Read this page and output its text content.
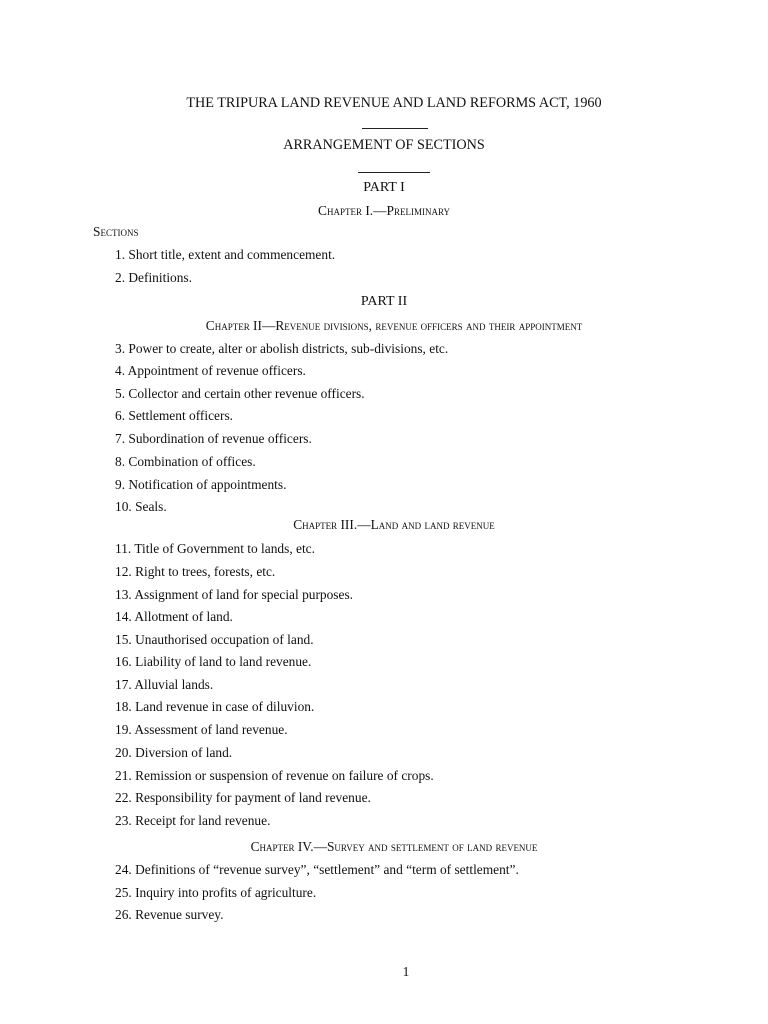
THE TRIPURA LAND REVENUE AND LAND REFORMS ACT, 1960
ARRANGEMENT OF SECTIONS
PART I
Chapter I.—Preliminary
Sections
1. Short title, extent and commencement.
2. Definitions.
PART II
Chapter II—Revenue divisions, revenue officers and their appointment
3. Power to create, alter or abolish districts, sub-divisions, etc.
4. Appointment of revenue officers.
5. Collector and certain other revenue officers.
6. Settlement officers.
7. Subordination of revenue officers.
8. Combination of offices.
9. Notification of appointments.
10. Seals.
Chapter III.—Land and land revenue
11. Title of Government to lands, etc.
12. Right to trees, forests, etc.
13. Assignment of land for special purposes.
14. Allotment of land.
15. Unauthorised occupation of land.
16. Liability of land to land revenue.
17. Alluvial lands.
18. Land revenue in case of diluvion.
19. Assessment of land revenue.
20. Diversion of land.
21. Remission or suspension of revenue on failure of crops.
22. Responsibility for payment of land revenue.
23. Receipt for land revenue.
Chapter IV.—Survey and settlement of land revenue
24. Definitions of “revenue survey”, “settlement” and “term of settlement”.
25. Inquiry into profits of agriculture.
26. Revenue survey.
1
